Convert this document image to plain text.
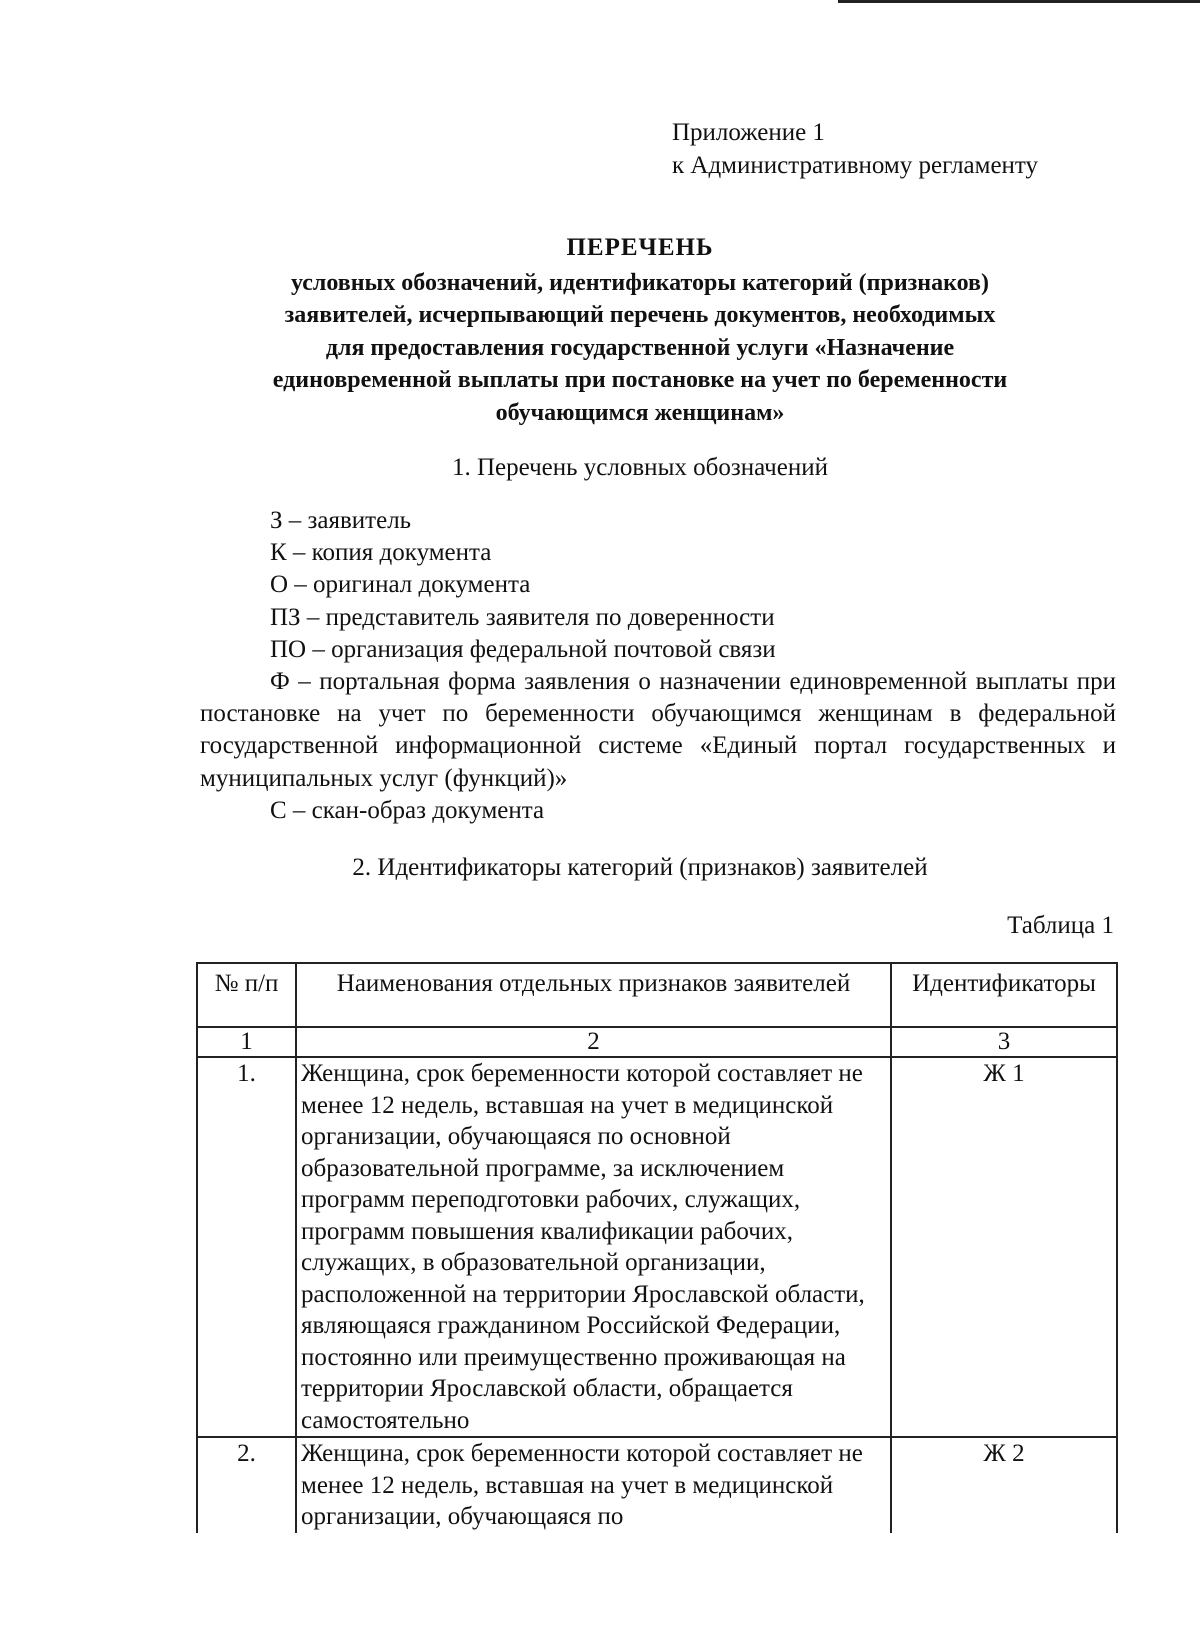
Приложение 1
к Административному регламенту
ПЕРЕЧЕНЬ
условных обозначений, идентификаторы категорий (признаков)
заявителей, исчерпывающий перечень документов, необходимых
для предоставления государственной услуги «Назначение
единовременной выплаты при постановке на учет по беременности
обучающимся женщинам»
1. Перечень условных обозначений
З – заявитель
К – копия документа
О – оригинал документа
ПЗ – представитель заявителя по доверенности
ПО – организация федеральной почтовой связи
Ф – портальная форма заявления о назначении единовременной выплаты при постановке на учет по беременности обучающимся женщинам в федеральной государственной информационной системе «Единый портал государственных и муниципальных услуг (функций)»
С – скан-образ документа
2. Идентификаторы категорий (признаков) заявителей
Таблица 1
№ п/п	Наименования отдельных признаков заявителей	Идентификаторы
1	2	3
1.	Женщина, срок беременности которой составляет не менее 12 недель, вставшая на учет в медицинской организации, обучающаяся по основной образовательной программе, за исключением программ переподготовки рабочих, служащих, программ повышения квалификации рабочих, служащих, в образовательной организации, расположенной на территории Ярославской области, являющаяся гражданином Российской Федерации, постоянно или преимущественно проживающая на территории Ярославской области, обращается самостоятельно	Ж 1
2.	Женщина, срок беременности которой составляет не менее 12 недель, вставшая на учет в медицинской организации, обучающаяся по	Ж 2
